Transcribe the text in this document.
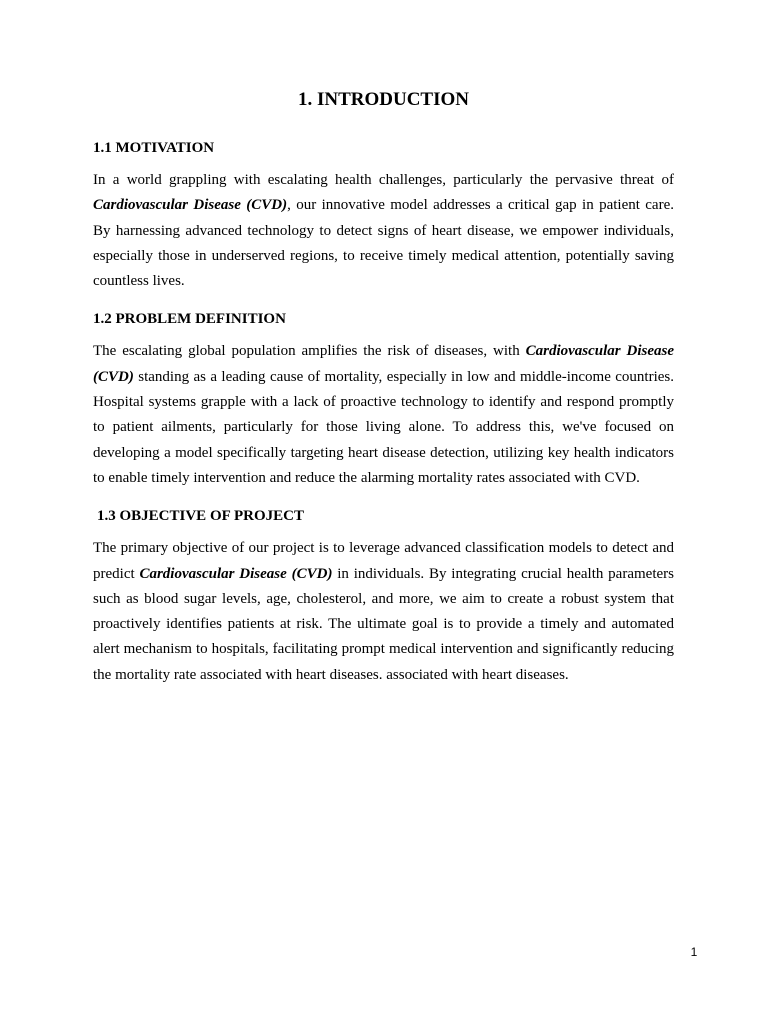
1. INTRODUCTION
1.1 MOTIVATION

In a world grappling with escalating health challenges, particularly the pervasive threat of Cardiovascular Disease (CVD), our innovative model addresses a critical gap in patient care. By harnessing advanced technology to detect signs of heart disease, we empower individuals, especially those in underserved regions, to receive timely medical attention, potentially saving countless lives.

1.2 PROBLEM DEFINITION

The escalating global population amplifies the risk of diseases, with Cardiovascular Disease (CVD) standing as a leading cause of mortality, especially in low and middle-income countries. Hospital systems grapple with a lack of proactive technology to identify and respond promptly to patient ailments, particularly for those living alone. To address this, we've focused on developing a model specifically targeting heart disease detection, utilizing key health indicators to enable timely intervention and reduce the alarming mortality rates associated with CVD.

1.3 OBJECTIVE OF PROJECT

The primary objective of our project is to leverage advanced classification models to detect and predict Cardiovascular Disease (CVD) in individuals. By integrating crucial health parameters such as blood sugar levels, age, cholesterol, and more, we aim to create a robust system that proactively identifies patients at risk. The ultimate goal is to provide a timely and automated alert mechanism to hospitals, facilitating prompt medical intervention and significantly reducing the mortality rate associated with heart diseases. associated with heart diseases.

1
